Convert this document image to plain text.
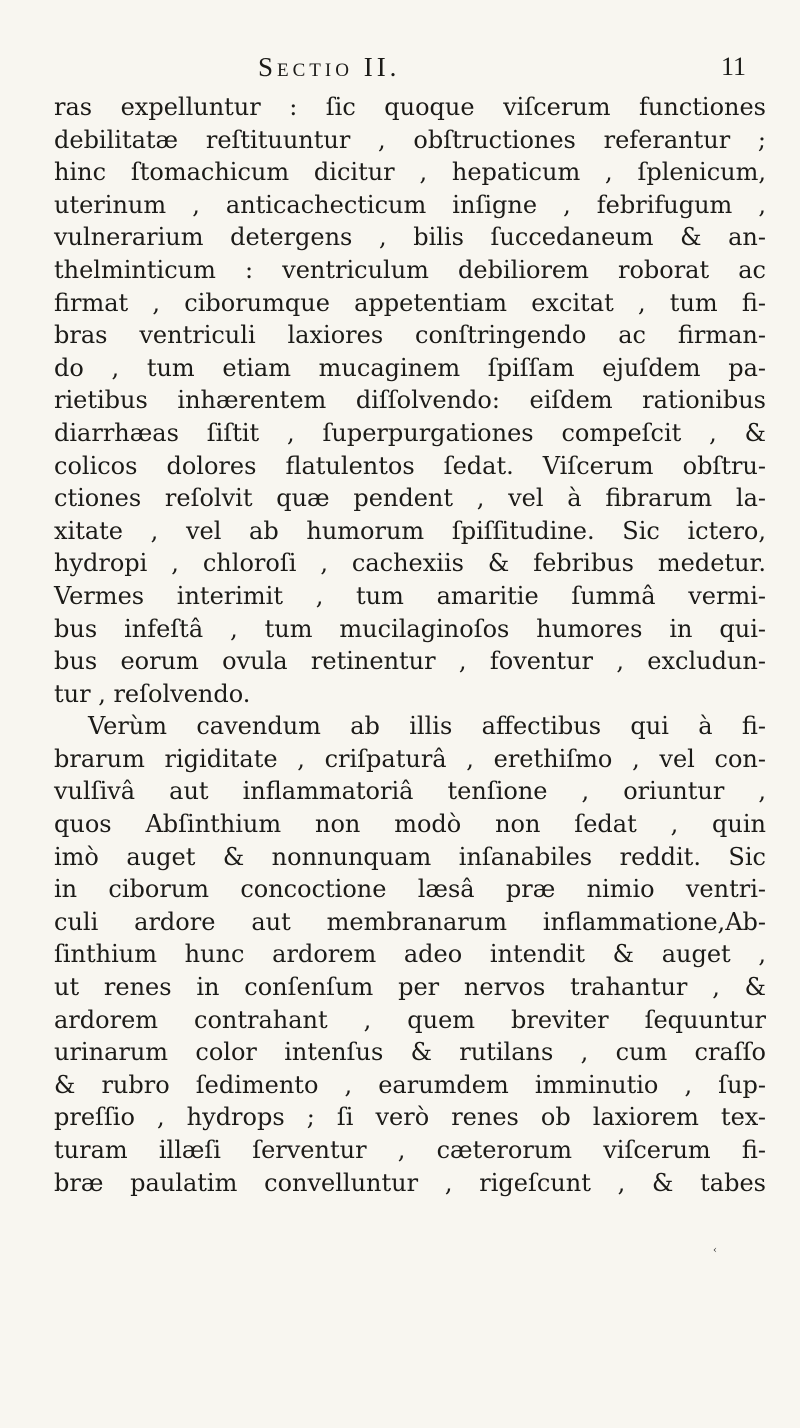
Sectio II.	11
ras expelluntur : ſic quoque viſcerum functiones
debilitatæ reſtituuntur , obſtructiones referantur ;
hinc ſtomachicum dicitur , hepaticum , ſplenicum,
uterinum , anticachecticum inſigne , febrifugum ,
vulnerarium detergens , bilis ſuccedaneum & an-
thelminticum : ventriculum debiliorem roborat ac
firmat , ciborumque appetentiam excitat , tum fi-
bras ventriculi laxiores conſtringendo ac firman-
do , tum etiam mucaginem ſpiſſam ejuſdem pa-
rietibus inhærentem diſſolvendo: eiſdem rationibus
diarrhæas ſiſtit , ſuperpurgationes compeſcit , &
colicos dolores flatulentos ſedat. Viſcerum obſtru-
ctiones reſolvit quæ pendent , vel à fibrarum la-
xitate , vel ab humorum ſpiſſitudine. Sic ictero,
hydropi , chloroſi , cachexiis & febribus medetur.
Vermes interimit , tum amaritie ſummâ vermi-
bus infeſtâ , tum mucilaginoſos humores in qui-
bus eorum ovula retinentur , foventur , excludun-
tur , reſolvendo.
Verùm cavendum ab illis affectibus qui à fi-
brarum rigiditate , criſpaturâ , erethiſmo , vel con-
vulſivâ aut inflammatoriâ tenſione , oriuntur ,
quos Abſinthium non modò non ſedat , quin
imò auget & nonnunquam inſanabiles reddit. Sic
in ciborum concoctione læsâ præ nimio ventri-
culi ardore aut membranarum inflammatione,Ab-
ſinthium hunc ardorem adeo intendit & auget ,
ut renes in conſenſum per nervos trahantur , &
ardorem contrahant , quem breviter ſequuntur
urinarum color intenſus & rutilans , cum craſſo
& rubro ſedimento , earumdem imminutio , ſup-
preſſio , hydrops ; ſi verò renes ob laxiorem tex-
turam illæſi ſerventur , cæterorum viſcerum fi-
bræ paulatim convelluntur , rigeſcunt , & tabes
‹
